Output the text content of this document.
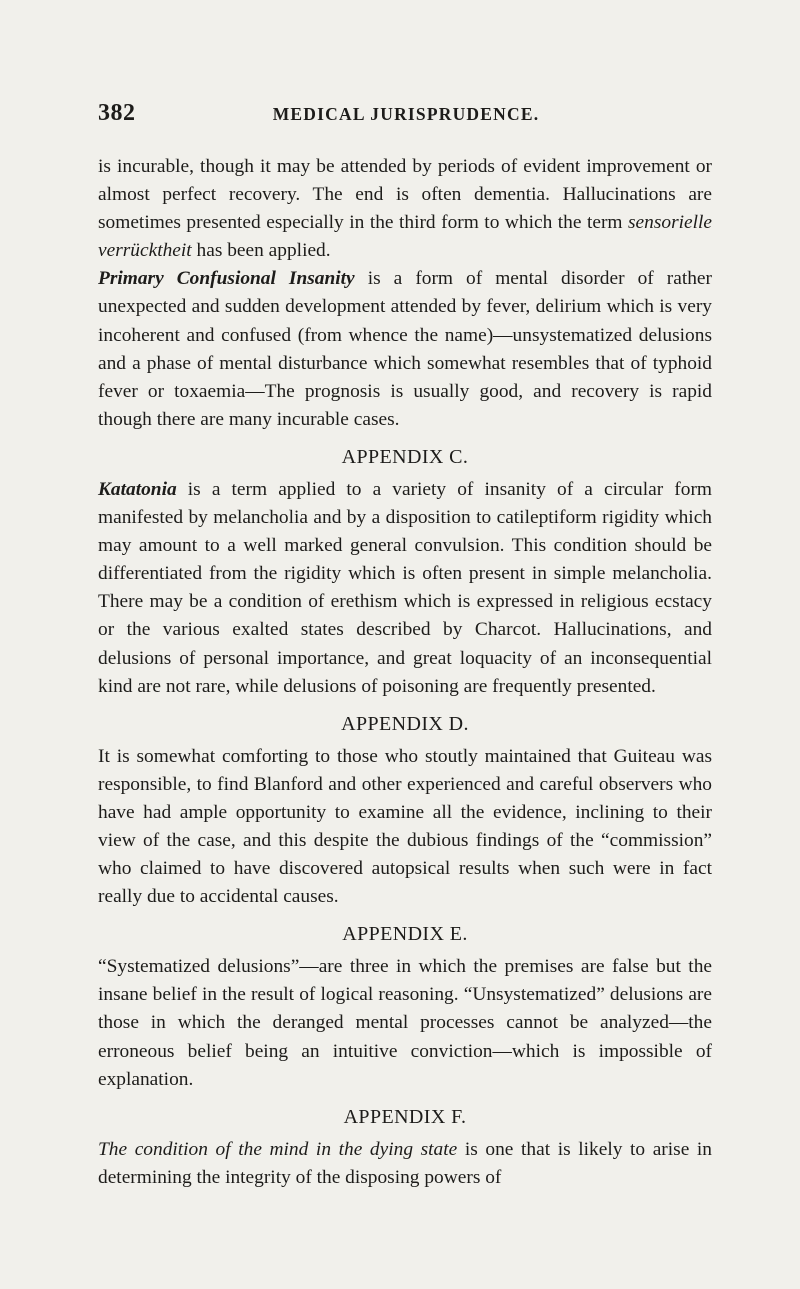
382	MEDICAL JURISPRUDENCE.

is incurable, though it may be attended by periods of evident improvement or almost perfect recovery. The end is often dementia. Hallucinations are sometimes presented especially in the third form to which the term sensorielle verrücktheit has been applied.

Primary Confusional Insanity is a form of mental disorder of rather unexpected and sudden development attended by fever, delirium which is very incoherent and confused (from whence the name)—unsystematized delusions and a phase of mental disturbance which somewhat resembles that of typhoid fever or toxaemia—The prognosis is usually good, and recovery is rapid though there are many incurable cases.

APPENDIX C.

Katatonia is a term applied to a variety of insanity of a circular form manifested by melancholia and by a disposition to catileptiform rigidity which may amount to a well marked general convulsion. This condition should be differentiated from the rigidity which is often present in simple melancholia. There may be a condition of erethism which is expressed in religious ecstacy or the various exalted states described by Charcot. Hallucinations, and delusions of personal importance, and great loquacity of an inconsequential kind are not rare, while delusions of poisoning are frequently presented.

APPENDIX D.

It is somewhat comforting to those who stoutly maintained that Guiteau was responsible, to find Blanford and other experienced and careful observers who have had ample opportunity to examine all the evidence, inclining to their view of the case, and this despite the dubious findings of the “commission” who claimed to have discovered autopsical results when such were in fact really due to accidental causes.

APPENDIX E.

“Systematized delusions”—are three in which the premises are false but the insane belief in the result of logical reasoning. “Unsystematized” delusions are those in which the deranged mental processes cannot be analyzed—the erroneous belief being an intuitive conviction—which is impossible of explanation.

APPENDIX F.

The condition of the mind in the dying state is one that is likely to arise in determining the integrity of the disposing powers of
